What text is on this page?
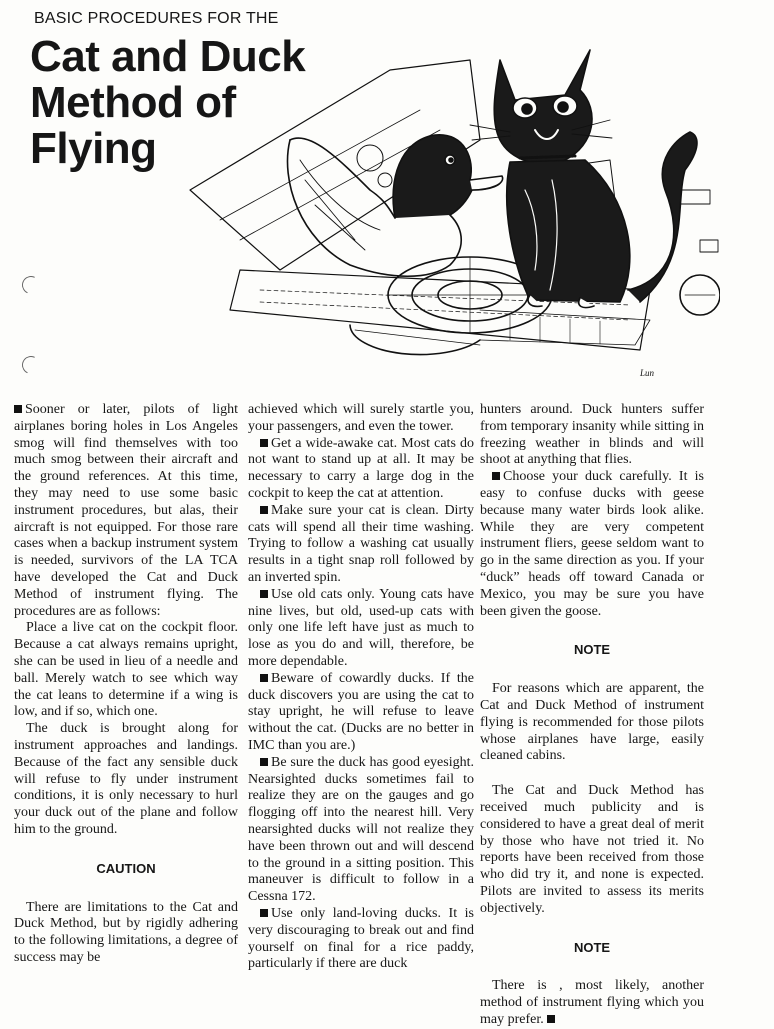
BASIC PROCEDURES FOR THE
Cat and Duck
Method of
Flying
Lun

Sooner or later, pilots of light airplanes boring holes in Los Angeles smog will find themselves with too much smog between their aircraft and the ground references. At this time, they may need to use some basic instrument procedures, but alas, their aircraft is not equipped. For those rare cases when a backup instrument system is needed, survivors of the LA TCA have developed the Cat and Duck Method of instrument flying. The procedures are as follows:

Place a live cat on the cockpit floor. Because a cat always remains upright, she can be used in lieu of a needle and ball. Merely watch to see which way the cat leans to determine if a wing is low, and if so, which one.

The duck is brought along for instrument approaches and landings. Because of the fact any sensible duck will refuse to fly under instrument conditions, it is only necessary to hurl your duck out of the plane and follow him to the ground.

CAUTION

There are limitations to the Cat and Duck Method, but by rigidly adhering to the following limitations, a degree of success may be

achieved which will surely startle you, your passengers, and even the tower.

Get a wide-awake cat. Most cats do not want to stand up at all. It may be necessary to carry a large dog in the cockpit to keep the cat at attention.

Make sure your cat is clean. Dirty cats will spend all their time washing. Trying to follow a washing cat usually results in a tight snap roll followed by an inverted spin.

Use old cats only. Young cats have nine lives, but old, used-up cats with only one life left have just as much to lose as you do and will, therefore, be more dependable.

Beware of cowardly ducks. If the duck discovers you are using the cat to stay upright, he will refuse to leave without the cat. (Ducks are no better in IMC than you are.)

Be sure the duck has good eyesight. Nearsighted ducks sometimes fail to realize they are on the gauges and go flogging off into the nearest hill. Very nearsighted ducks will not realize they have been thrown out and will descend to the ground in a sitting position. This maneuver is difficult to follow in a Cessna 172.

Use only land-loving ducks. It is very discouraging to break out and find yourself on final for a rice paddy, particularly if there are duck

hunters around. Duck hunters suffer from temporary insanity while sitting in freezing weather in blinds and will shoot at anything that flies.

Choose your duck carefully. It is easy to confuse ducks with geese because many water birds look alike. While they are very competent instrument fliers, geese seldom want to go in the same direction as you. If your “duck” heads off toward Canada or Mexico, you may be sure you have been given the goose.

NOTE

For reasons which are apparent, the Cat and Duck Method of instrument flying is recommended for those pilots whose airplanes have large, easily cleaned cabins.

The Cat and Duck Method has received much publicity and is considered to have a great deal of merit by those who have not tried it. No reports have been received from those who did try it, and none is expected. Pilots are invited to assess its merits objectively.

NOTE

There is , most likely, another method of instrument flying which you may prefer.
